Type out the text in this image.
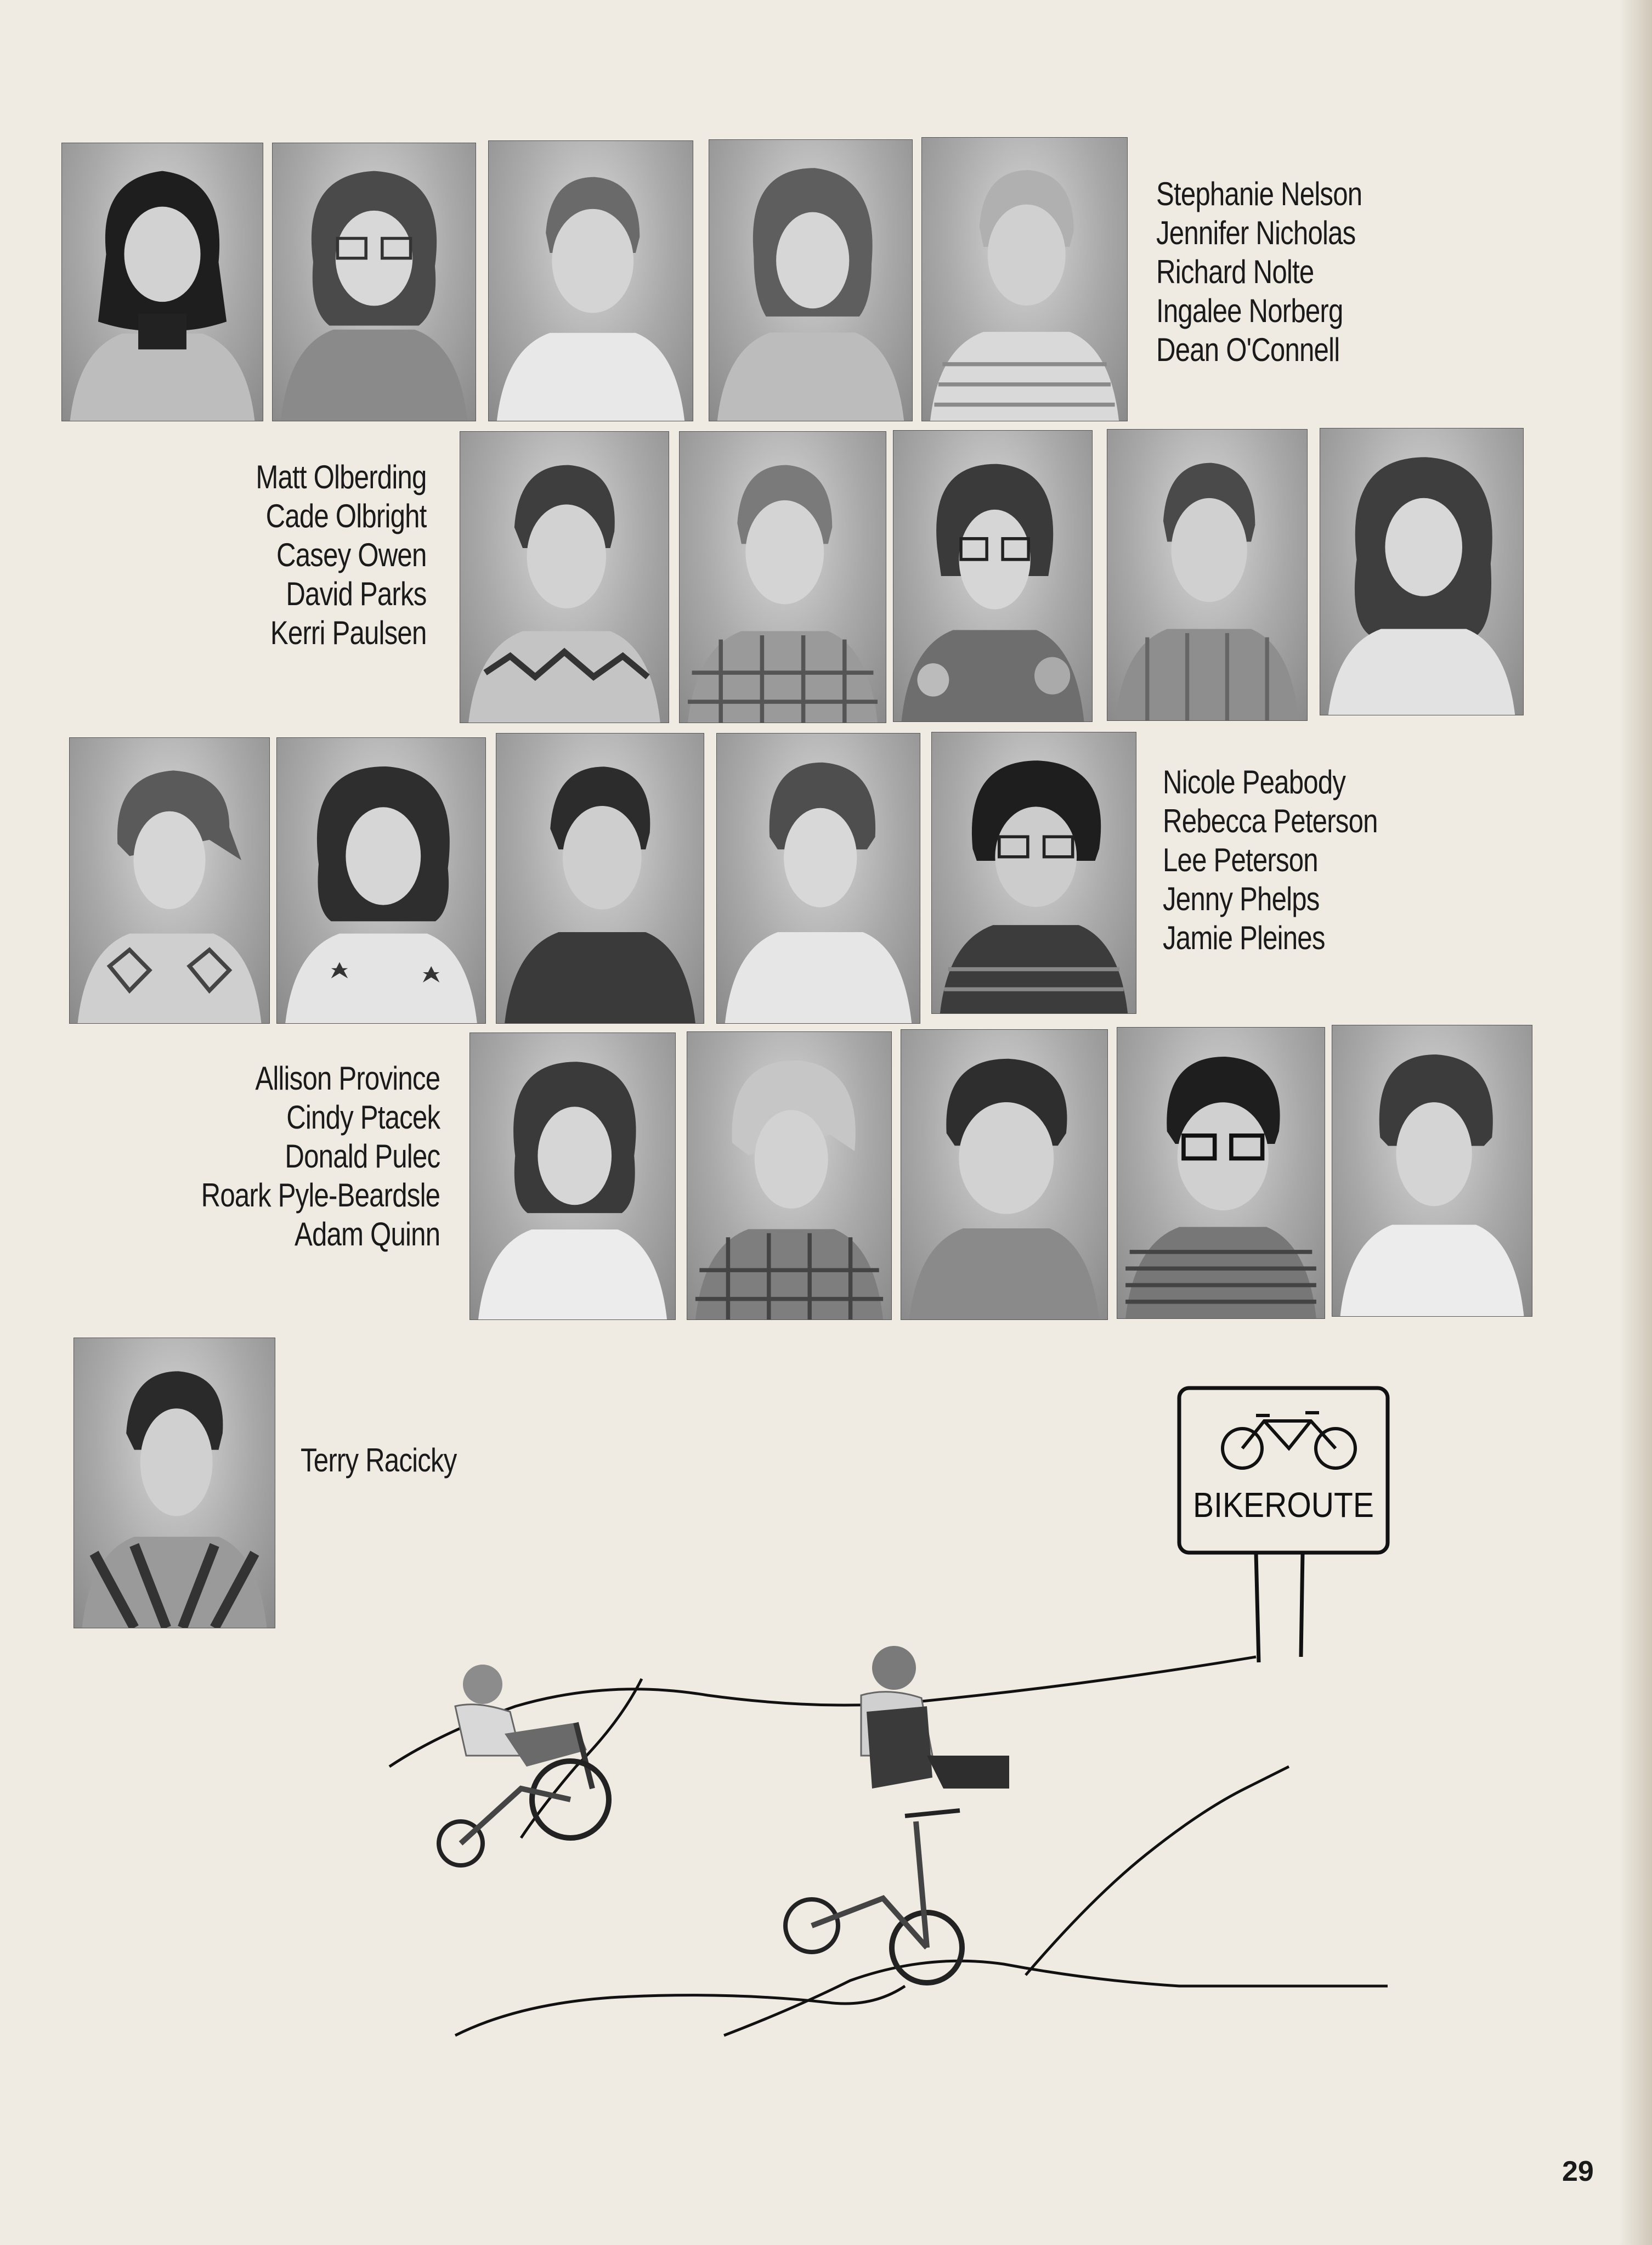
Stephanie Nelson
Jennifer Nicholas
Richard Nolte
Ingalee Norberg
Dean O'Connell
Matt Olberding
Cade Olbright
Casey Owen
David Parks
Kerri Paulsen
Nicole Peabody
Rebecca Peterson
Lee Peterson
Jenny Phelps
Jamie Pleines
Allison Province
Cindy Ptacek
Donald Pulec
Roark Pyle-Beardsle
Adam Quinn
Terry Racicky
BIKEROUTE
29
